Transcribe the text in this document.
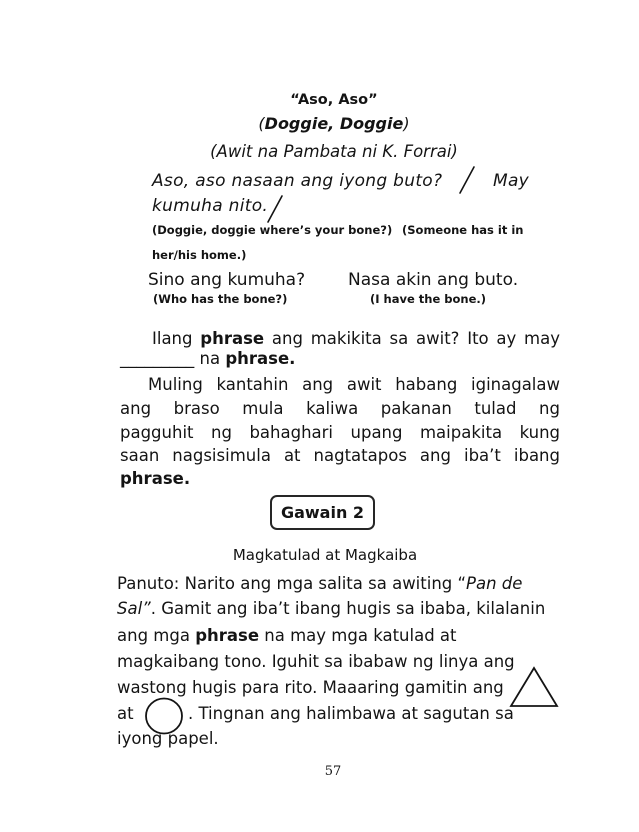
“Aso, Aso”
(Doggie, Doggie)
(Awit na Pambata ni K. Forrai)
Aso, aso nasaan ang iyong buto?	May
kumuha nito.
(Doggie, doggie where’s your bone?) (Someone has it in
her/his home.)
Sino ang kumuha?	Nasa akin ang buto.
(Who has the bone?)	(I have the bone.)
Ilang phrase ang makikita sa awit? Ito ay may
_________ na phrase.
Muling kantahin ang awit habang iginagalaw
ang braso mula kaliwa pakanan tulad ng
pagguhit ng bahaghari upang maipakita kung
saan nagsisimula at nagtatapos ang iba’t ibang
phrase.
Gawain 2
Magkatulad at Magkaiba
Panuto: Narito ang mga salita sa awiting “Pan de
Sal”. Gamit ang iba’t ibang hugis sa ibaba, kilalanin
ang mga phrase na may mga katulad at
magkaibang tono. Iguhit sa ibabaw ng linya ang
wastong hugis para rito. Maaaring gamitin ang
at	. Tingnan ang halimbawa at sagutan sa
iyong papel.
57
